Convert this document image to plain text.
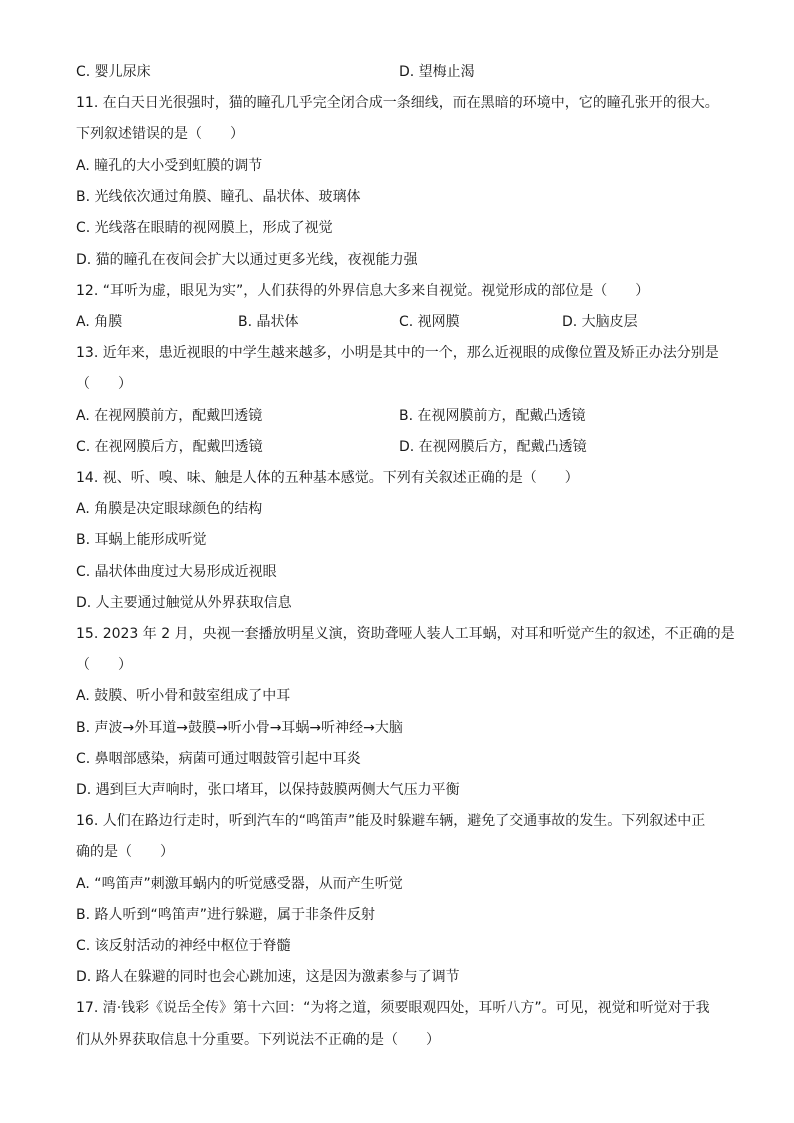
C. 婴儿尿床	D. 望梅止渴
11. 在白天日光很强时，猫的瞳孔几乎完全闭合成一条细线，而在黑暗的环境中，它的瞳孔张开的很大。
下列叙述错误的是（　　）
A. 瞳孔的大小受到虹膜的调节
B. 光线依次通过角膜、瞳孔、晶状体、玻璃体
C. 光线落在眼睛的视网膜上，形成了视觉
D. 猫的瞳孔在夜间会扩大以通过更多光线，夜视能力强
12. “耳听为虚，眼见为实”，人们获得的外界信息大多来自视觉。视觉形成的部位是（　　）
A. 角膜	B. 晶状体	C. 视网膜	D. 大脑皮层
13. 近年来，患近视眼的中学生越来越多，小明是其中的一个，那么近视眼的成像位置及矫正办法分别是
（　　）
A. 在视网膜前方，配戴凹透镜	B. 在视网膜前方，配戴凸透镜
C. 在视网膜后方，配戴凹透镜	D. 在视网膜后方，配戴凸透镜
14. 视、听、嗅、味、触是人体的五种基本感觉。下列有关叙述正确的是（　　）
A. 角膜是决定眼球颜色的结构
B. 耳蜗上能形成听觉
C. 晶状体曲度过大易形成近视眼
D. 人主要通过触觉从外界获取信息
15. 2023 年 2 月，央视一套播放明星义演，资助聋哑人装人工耳蜗，对耳和听觉产生的叙述，不正确的是
（　　）
A. 鼓膜、听小骨和鼓室组成了中耳
B. 声波→外耳道→鼓膜→听小骨→耳蜗→听神经→大脑
C. 鼻咽部感染，病菌可通过咽鼓管引起中耳炎
D. 遇到巨大声响时，张口堵耳，以保持鼓膜两侧大气压力平衡
16. 人们在路边行走时，听到汽车的“鸣笛声”能及时躲避车辆，避免了交通事故的发生。下列叙述中正
确的是（　　）
A. “鸣笛声”刺激耳蜗内的听觉感受器，从而产生听觉
B. 路人听到“鸣笛声”进行躲避，属于非条件反射
C. 该反射活动的神经中枢位于脊髓
D. 路人在躲避的同时也会心跳加速，这是因为激素参与了调节
17. 清·钱彩《说岳全传》第十六回：“为将之道，须要眼观四处，耳听八方”。可见，视觉和听觉对于我
们从外界获取信息十分重要。下列说法不正确的是（　　）
